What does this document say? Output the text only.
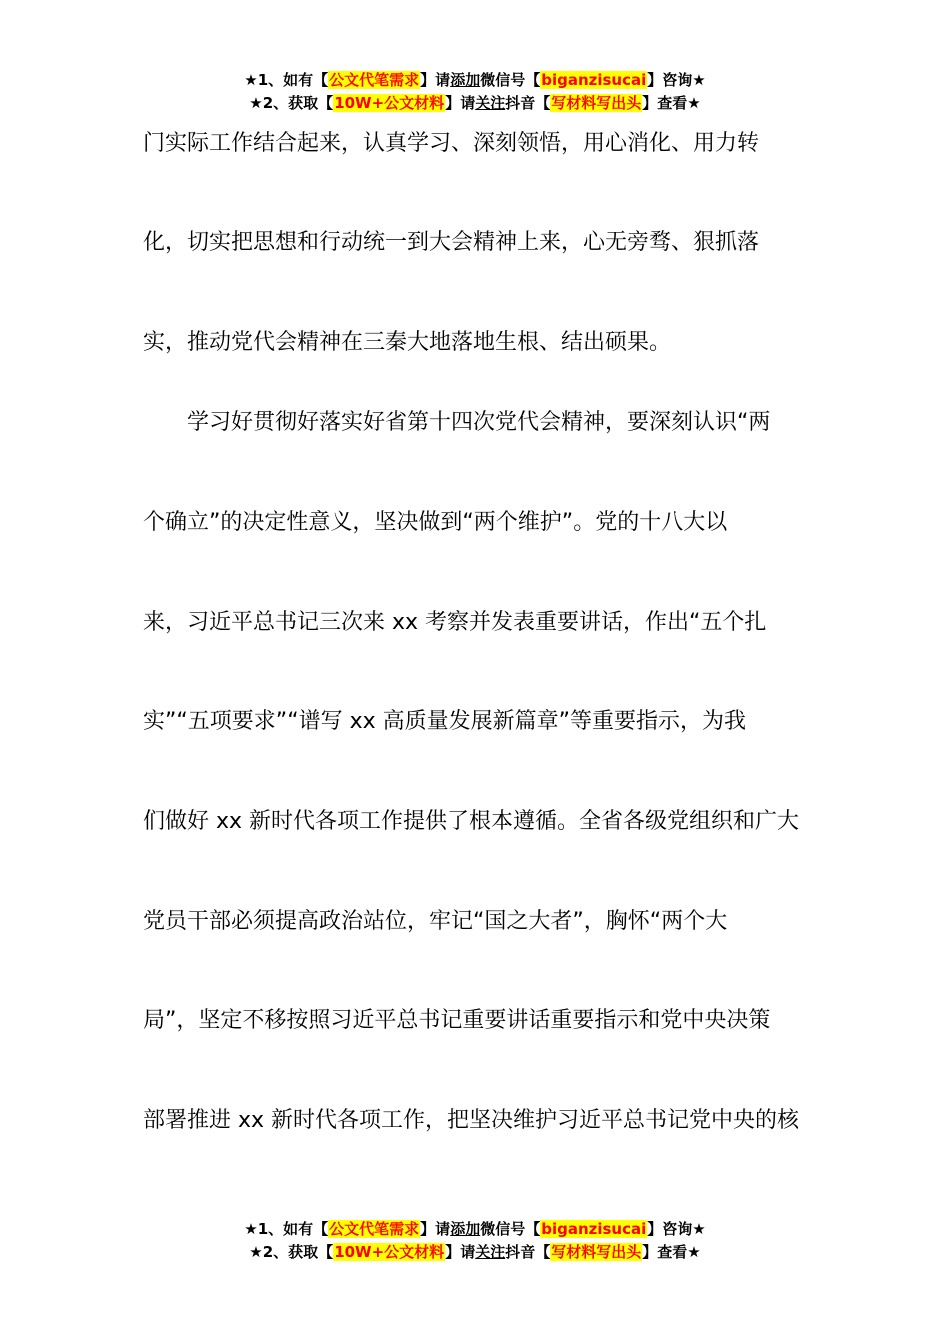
★1、如有【公文代笔需求】请添加微信号【biganzisucai】咨询★
★2、获取【10W+公文材料】请关注抖音【写材料写出头】查看★
门实际工作结合起来，认真学习、深刻领悟，用心消化、用力转
化，切实把思想和行动统一到大会精神上来，心无旁骛、狠抓落
实，推动党代会精神在三秦大地落地生根、结出硕果。
学习好贯彻好落实好省第十四次党代会精神，要深刻认识“两
个确立”的决定性意义，坚决做到“两个维护”。党的十八大以
来，习近平总书记三次来 xx 考察并发表重要讲话，作出“五个扎
实”“五项要求”“谱写 xx 高质量发展新篇章”等重要指示，为我
们做好 xx 新时代各项工作提供了根本遵循。全省各级党组织和广大
党员干部必须提高政治站位，牢记“国之大者”，胸怀“两个大
局”，坚定不移按照习近平总书记重要讲话重要指示和党中央决策
部署推进 xx 新时代各项工作，把坚决维护习近平总书记党中央的核
★1、如有【公文代笔需求】请添加微信号【biganzisucai】咨询★
★2、获取【10W+公文材料】请关注抖音【写材料写出头】查看★
